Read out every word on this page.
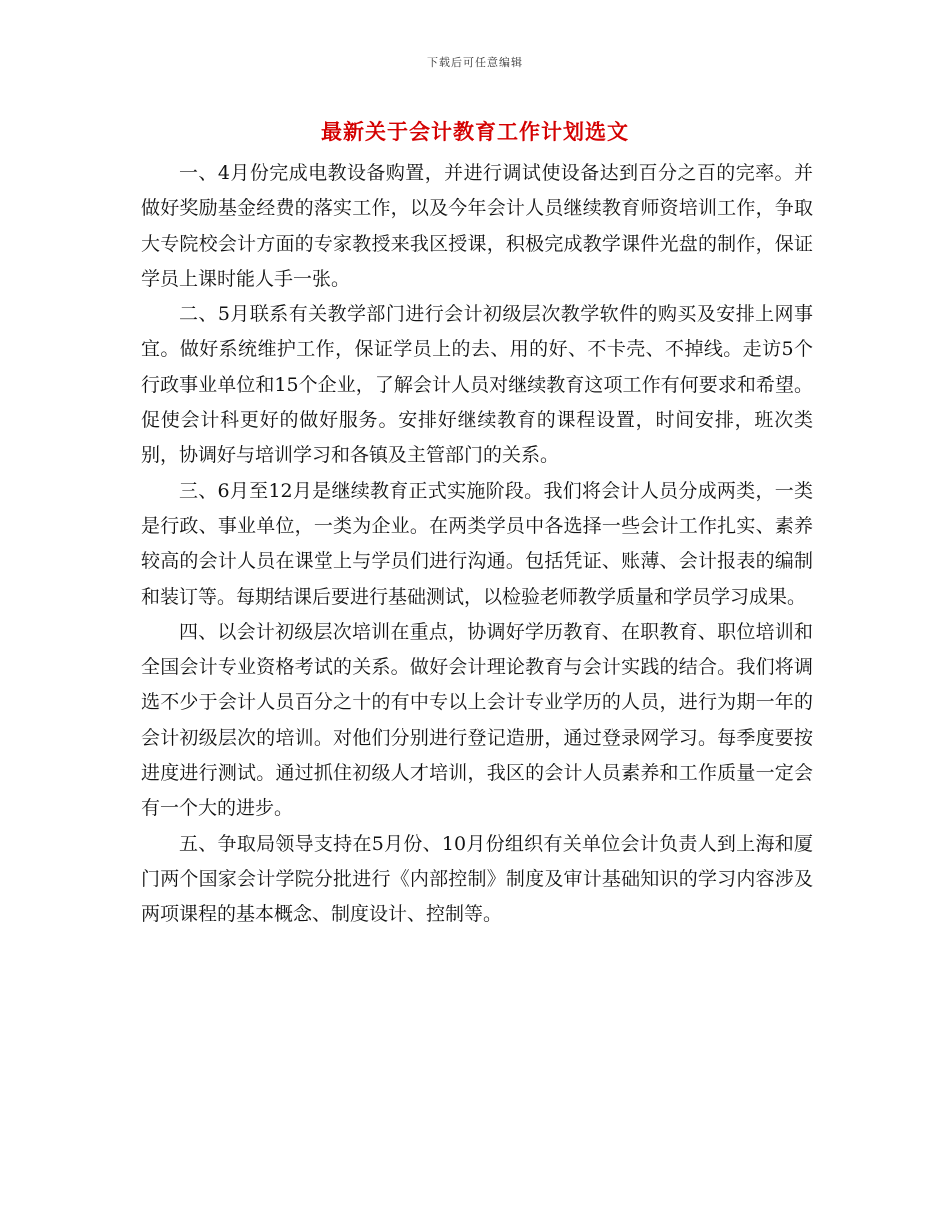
下载后可任意编辑
最新关于会计教育工作计划选文

一、4月份完成电教设备购置，并进行调试使设备达到百分之百的完率。并做好奖励基金经费的落实工作，以及今年会计人员继续教育师资培训工作，争取大专院校会计方面的专家教授来我区授课，积极完成教学课件光盘的制作，保证学员上课时能人手一张。

二、5月联系有关教学部门进行会计初级层次教学软件的购买及安排上网事宜。做好系统维护工作，保证学员上的去、用的好、不卡壳、不掉线。走访5个行政事业单位和15个企业，了解会计人员对继续教育这项工作有何要求和希望。促使会计科更好的做好服务。安排好继续教育的课程设置，时间安排，班次类别，协调好与培训学习和各镇及主管部门的关系。

三、6月至12月是继续教育正式实施阶段。我们将会计人员分成两类，一类是行政、事业单位，一类为企业。在两类学员中各选择一些会计工作扎实、素养较高的会计人员在课堂上与学员们进行沟通。包括凭证、账薄、会计报表的编制和装订等。每期结课后要进行基础测试，以检验老师教学质量和学员学习成果。

四、以会计初级层次培训在重点，协调好学历教育、在职教育、职位培训和全国会计专业资格考试的关系。做好会计理论教育与会计实践的结合。我们将调选不少于会计人员百分之十的有中专以上会计专业学历的人员，进行为期一年的会计初级层次的培训。对他们分别进行登记造册，通过登录网学习。每季度要按进度进行测试。通过抓住初级人才培训，我区的会计人员素养和工作质量一定会有一个大的进步。

五、争取局领导支持在5月份、10月份组织有关单位会计负责人到上海和厦门两个国家会计学院分批进行《内部控制》制度及审计基础知识的学习内容涉及两项课程的基本概念、制度设计、控制等。
